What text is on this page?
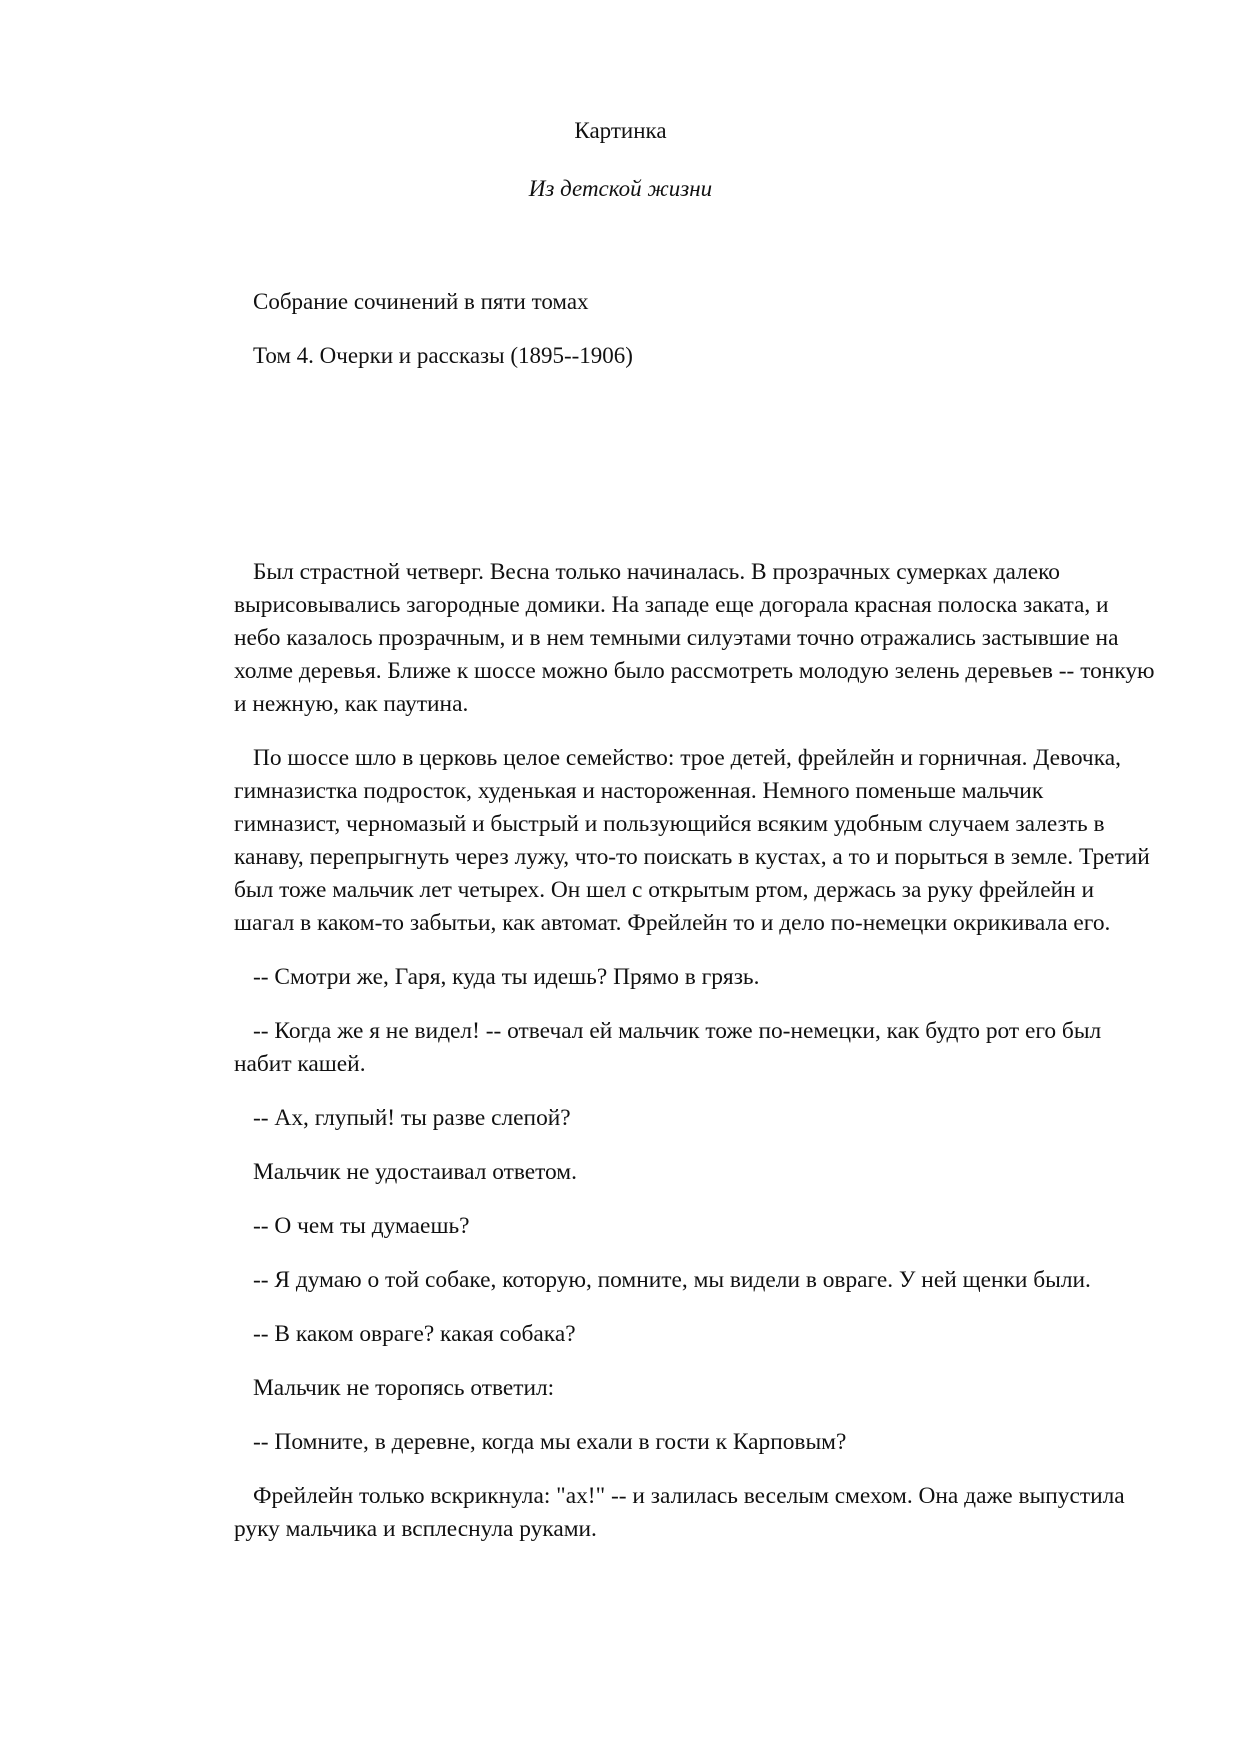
Картинка

Из детской жизни

Собрание сочинений в пяти томах

Том 4. Очерки и рассказы (1895--1906)

Был страстной четверг. Весна только начиналась. В прозрачных сумерках далеко вырисовывались загородные домики. На западе еще догорала красная полоска заката, и небо казалось прозрачным, и в нем темными силуэтами точно отражались застывшие на холме деревья. Ближе к шоссе можно было рассмотреть молодую зелень деревьев -- тонкую и нежную, как паутина.

По шоссе шло в церковь целое семейство: трое детей, фрейлейн и горничная. Девочка, гимназистка подросток, худенькая и настороженная. Немного поменьше мальчик гимназист, черномазый и быстрый и пользующийся всяким удобным случаем залезть в канаву, перепрыгнуть через лужу, что-то поискать в кустах, а то и порыться в земле. Третий был тоже мальчик лет четырех. Он шел с открытым ртом, держась за руку фрейлейн и шагал в каком-то забытьи, как автомат. Фрейлейн то и дело по-немецки окрикивала его.

-- Смотри же, Гаря, куда ты идешь? Прямо в грязь.

-- Когда же я не видел! -- отвечал ей мальчик тоже по-немецки, как будто рот его был набит кашей.

-- Ах, глупый! ты разве слепой?

Мальчик не удостаивал ответом.

-- О чем ты думаешь?

-- Я думаю о той собаке, которую, помните, мы видели в овраге. У ней щенки были.

-- В каком овраге? какая собака?

Мальчик не торопясь ответил:

-- Помните, в деревне, когда мы ехали в гости к Карповым?

Фрейлейн только вскрикнула: "ах!" -- и залилась веселым смехом. Она даже выпустила руку мальчика и всплеснула руками.
